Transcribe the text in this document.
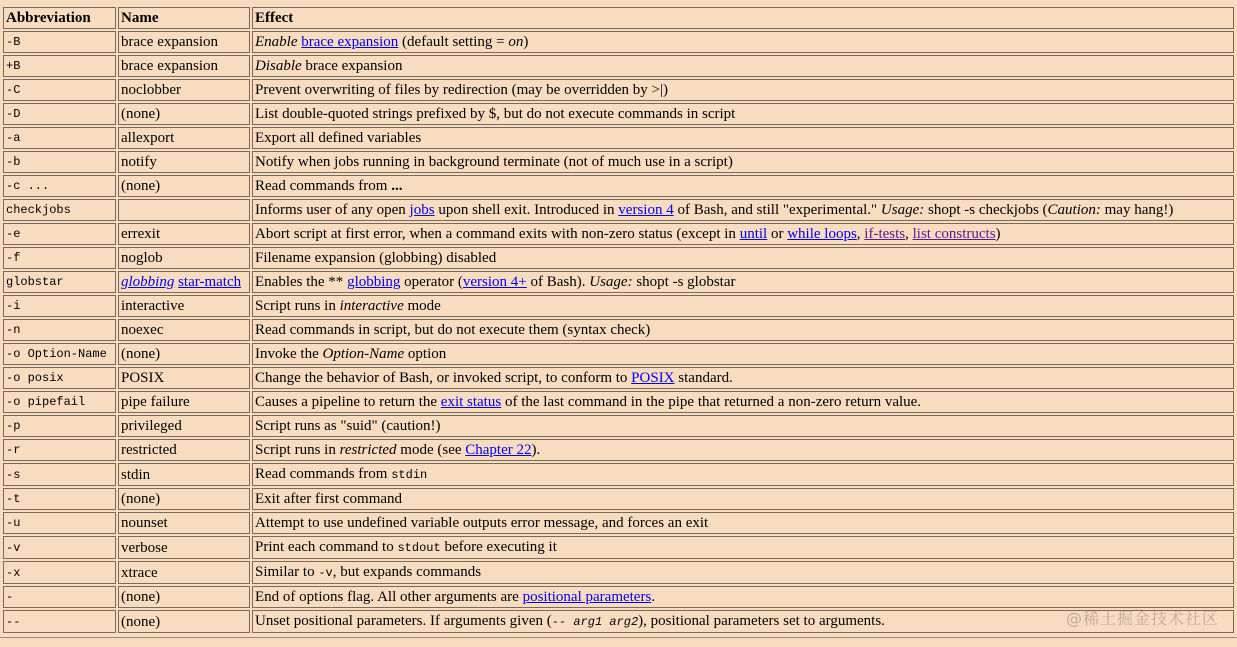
Abbreviation	Name	Effect
-B	brace expansion	Enable brace expansion (default setting = on)
+B	brace expansion	Disable brace expansion
-C	noclobber	Prevent overwriting of files by redirection (may be overridden by >|)
-D	(none)	List double-quoted strings prefixed by $, but do not execute commands in script
-a	allexport	Export all defined variables
-b	notify	Notify when jobs running in background terminate (not of much use in a script)
-c ...	(none)	Read commands from ...
checkjobs		Informs user of any open jobs upon shell exit. Introduced in version 4 of Bash, and still "experimental." Usage: shopt -s checkjobs (Caution: may hang!)
-e	errexit	Abort script at first error, when a command exits with non-zero status (except in until or while loops, if-tests, list constructs)
-f	noglob	Filename expansion (globbing) disabled
globstar	globbing star-match	Enables the ** globbing operator (version 4+ of Bash). Usage: shopt -s globstar
-i	interactive	Script runs in interactive mode
-n	noexec	Read commands in script, but do not execute them (syntax check)
-o Option-Name	(none)	Invoke the Option-Name option
-o posix	POSIX	Change the behavior of Bash, or invoked script, to conform to POSIX standard.
-o pipefail	pipe failure	Causes a pipeline to return the exit status of the last command in the pipe that returned a non-zero return value.
-p	privileged	Script runs as "suid" (caution!)
-r	restricted	Script runs in restricted mode (see Chapter 22).
-s	stdin	Read commands from stdin
-t	(none)	Exit after first command
-u	nounset	Attempt to use undefined variable outputs error message, and forces an exit
-v	verbose	Print each command to stdout before executing it
-x	xtrace	Similar to -v, but expands commands
-	(none)	End of options flag. All other arguments are positional parameters.
--	(none)	Unset positional parameters. If arguments given (-- arg1 arg2), positional parameters set to arguments.	@稀土掘金技术社区
